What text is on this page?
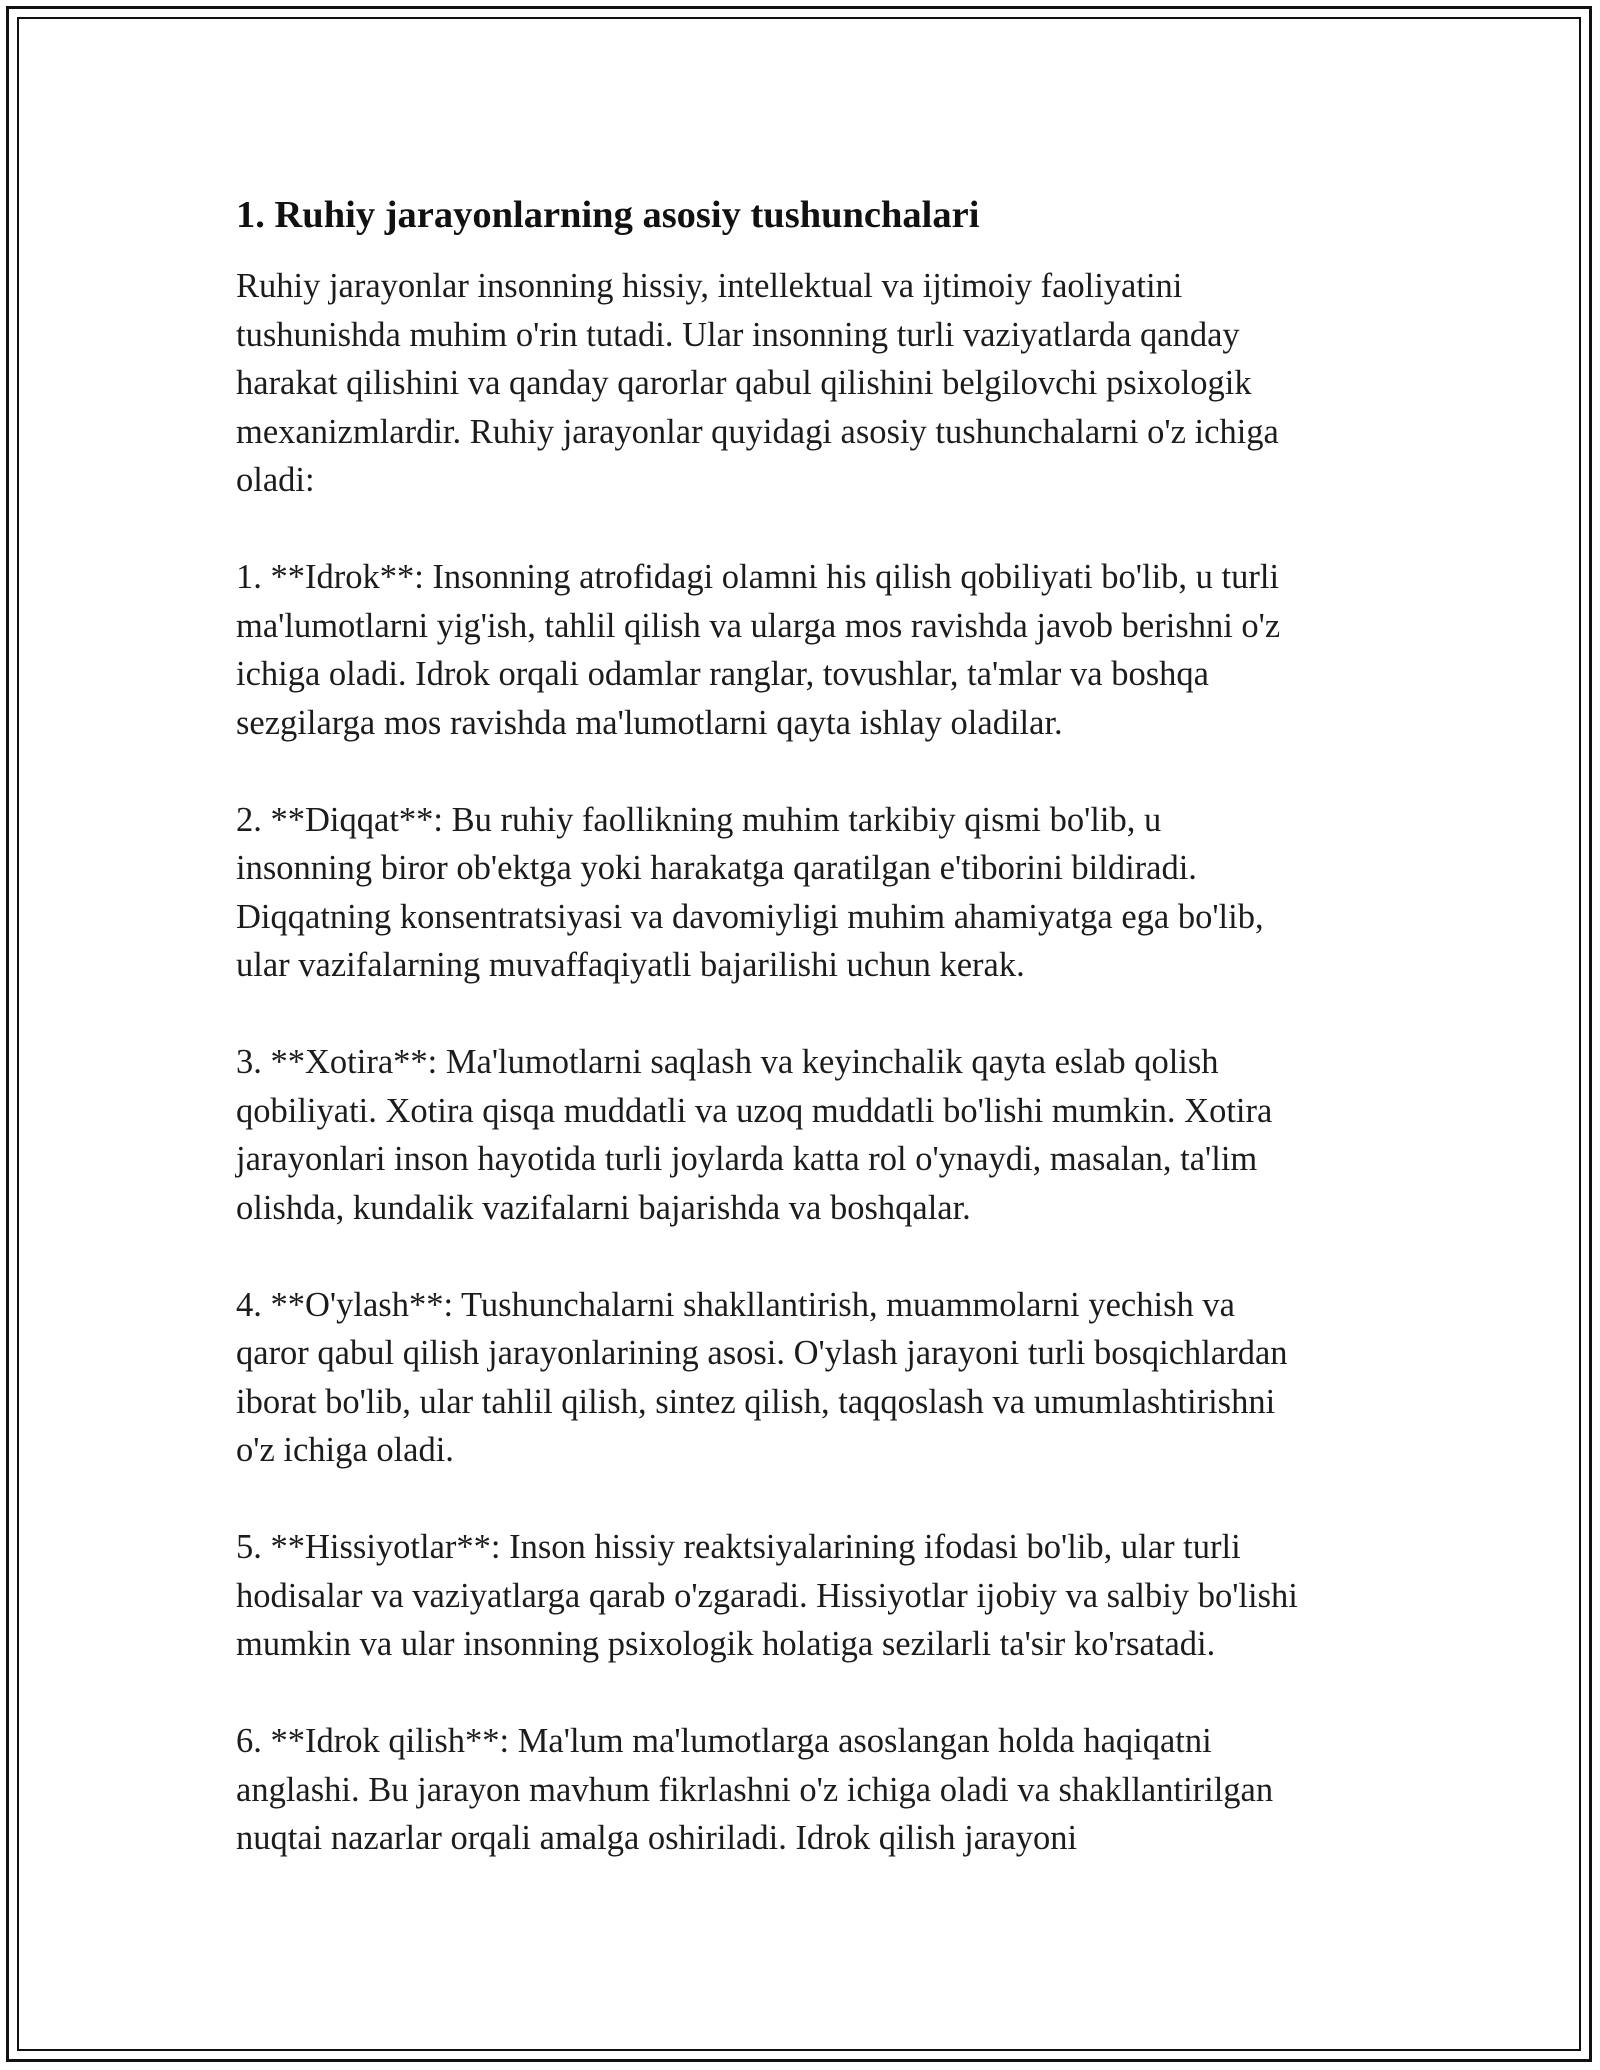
1. Ruhiy jarayonlarning asosiy tushunchalari

Ruhiy jarayonlar insonning hissiy, intellektual va ijtimoiy faoliyatini
tushunishda muhim o'rin tutadi. Ular insonning turli vaziyatlarda qanday
harakat qilishini va qanday qarorlar qabul qilishini belgilovchi psixologik
mexanizmlardir. Ruhiy jarayonlar quyidagi asosiy tushunchalarni o'z ichiga
oladi:

1. **Idrok**: Insonning atrofidagi olamni his qilish qobiliyati bo'lib, u turli
ma'lumotlarni yig'ish, tahlil qilish va ularga mos ravishda javob berishni o'z
ichiga oladi. Idrok orqali odamlar ranglar, tovushlar, ta'mlar va boshqa
sezgilarga mos ravishda ma'lumotlarni qayta ishlay oladilar.

2. **Diqqat**: Bu ruhiy faollikning muhim tarkibiy qismi bo'lib, u
insonning biror ob'ektga yoki harakatga qaratilgan e'tiborini bildiradi.
Diqqatning konsentratsiyasi va davomiyligi muhim ahamiyatga ega bo'lib,
ular vazifalarning muvaffaqiyatli bajarilishi uchun kerak.

3. **Xotira**: Ma'lumotlarni saqlash va keyinchalik qayta eslab qolish
qobiliyati. Xotira qisqa muddatli va uzoq muddatli bo'lishi mumkin. Xotira
jarayonlari inson hayotida turli joylarda katta rol o'ynaydi, masalan, ta'lim
olishda, kundalik vazifalarni bajarishda va boshqalar.

4. **O'ylash**: Tushunchalarni shakllantirish, muammolarni yechish va
qaror qabul qilish jarayonlarining asosi. O'ylash jarayoni turli bosqichlardan
iborat bo'lib, ular tahlil qilish, sintez qilish, taqqoslash va umumlashtirishni
o'z ichiga oladi.

5. **Hissiyotlar**: Inson hissiy reaktsiyalarining ifodasi bo'lib, ular turli
hodisalar va vaziyatlarga qarab o'zgaradi. Hissiyotlar ijobiy va salbiy bo'lishi
mumkin va ular insonning psixologik holatiga sezilarli ta'sir ko'rsatadi.

6. **Idrok qilish**: Ma'lum ma'lumotlarga asoslangan holda haqiqatni
anglashi. Bu jarayon mavhum fikrlashni o'z ichiga oladi va shakllantirilgan
nuqtai nazarlar orqali amalga oshiriladi. Idrok qilish jarayoni
